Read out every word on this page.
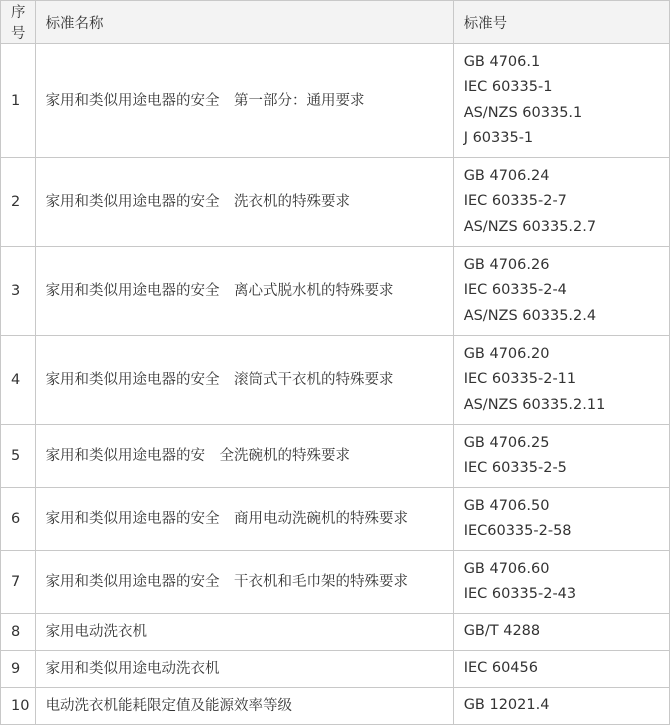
序号	标准名称	标准号
1	家用和类似用途电器的安全　第一部分：通用要求	GB 4706.1
IEC 60335-1
AS/NZS 60335.1
J 60335-1

2	家用和类似用途电器的安全　洗衣机的特殊要求	GB 4706.24
IEC 60335-2-7
AS/NZS 60335.2.7

3	家用和类似用途电器的安全　离心式脱水机的特殊要求	GB 4706.26
IEC 60335-2-4
AS/NZS 60335.2.4

4	家用和类似用途电器的安全　滚筒式干衣机的特殊要求	GB 4706.20
IEC 60335-2-11
AS/NZS 60335.2.11

5	家用和类似用途电器的安　全洗碗机的特殊要求	GB 4706.25
IEC 60335-2-5

6	家用和类似用途电器的安全　商用电动洗碗机的特殊要求	GB 4706.50
IEC60335-2-58

7	家用和类似用途电器的安全　干衣机和毛巾架的特殊要求	GB 4706.60
IEC 60335-2-43

8	家用电动洗衣机	GB/T 4288

9	家用和类似用途电动洗衣机	IEC 60456

10	电动洗衣机能耗限定值及能源效率等级	GB 12021.4
